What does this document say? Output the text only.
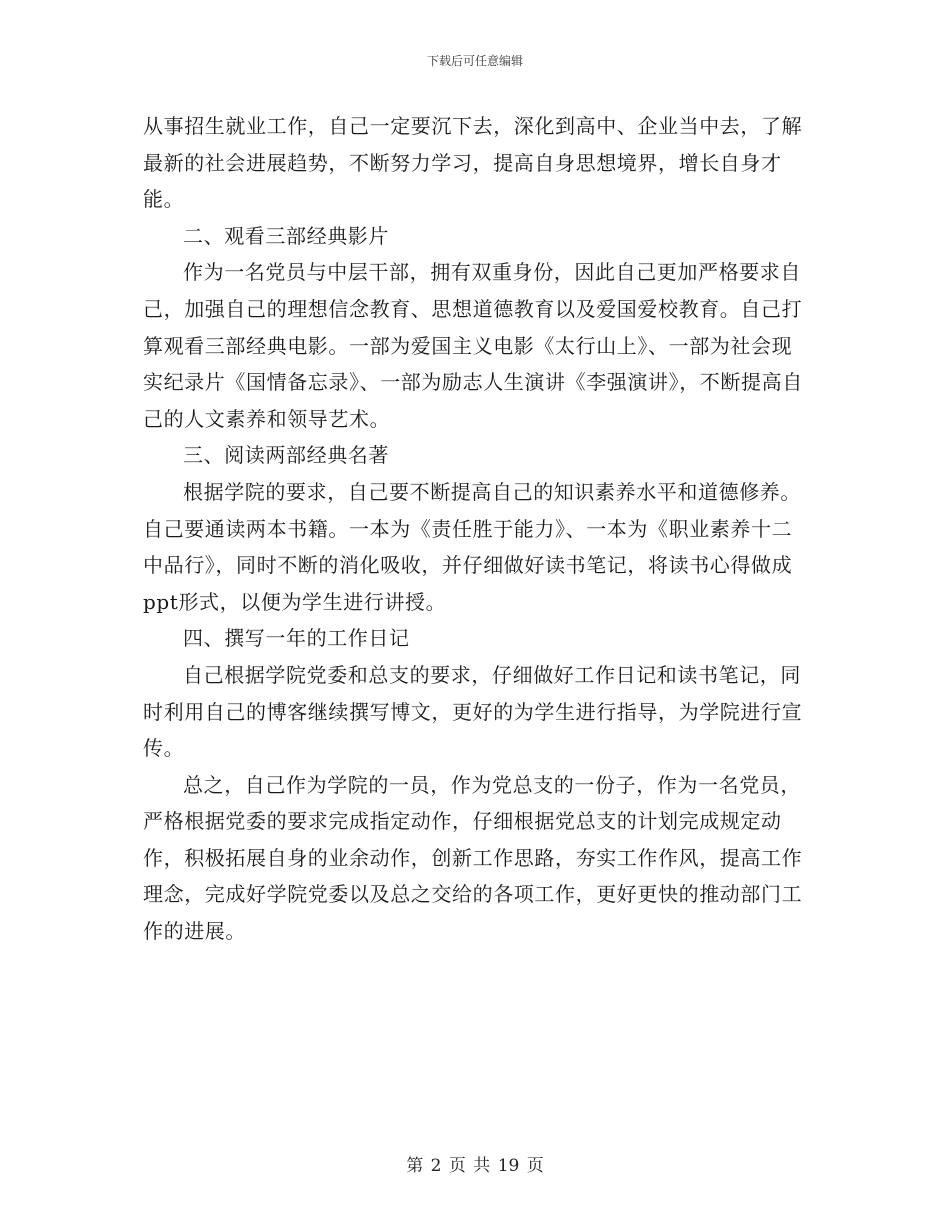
下载后可任意编辑

从事招生就业工作，自己一定要沉下去，深化到高中、企业当中去，了解最新的社会进展趋势，不断努力学习，提高自身思想境界，增长自身才能。

二、观看三部经典影片

作为一名党员与中层干部，拥有双重身份，因此自己更加严格要求自己，加强自己的理想信念教育、思想道德教育以及爱国爱校教育。自己打算观看三部经典电影。一部为爱国主义电影《太行山上》、一部为社会现实纪录片《国情备忘录》、一部为励志人生演讲《李强演讲》，不断提高自己的人文素养和领导艺术。

三、阅读两部经典名著

根据学院的要求，自己要不断提高自己的知识素养水平和道德修养。自己要通读两本书籍。一本为《责任胜于能力》、一本为《职业素养十二中品行》，同时不断的消化吸收，并仔细做好读书笔记，将读书心得做成ppt形式，以便为学生进行讲授。

四、撰写一年的工作日记

自己根据学院党委和总支的要求，仔细做好工作日记和读书笔记，同时利用自己的博客继续撰写博文，更好的为学生进行指导，为学院进行宣传。

总之，自己作为学院的一员，作为党总支的一份子，作为一名党员，严格根据党委的要求完成指定动作，仔细根据党总支的计划完成规定动作，积极拓展自身的业余动作，创新工作思路，夯实工作作风，提高工作理念，完成好学院党委以及总之交给的各项工作，更好更快的推动部门工作的进展。

第 2 页 共 19 页
